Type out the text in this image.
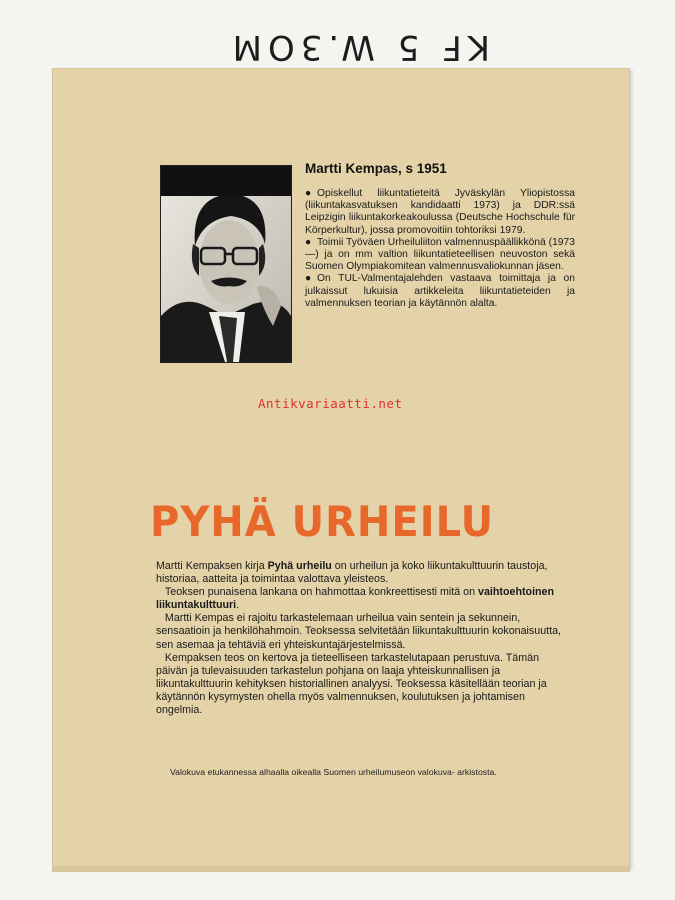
KF 5 W.3OM
Martti Kempas, s 1951

● Opiskellut liikuntatieteitä Jyväskylän Yliopistossa (liikuntakasvatuksen kandidaatti 1973) ja DDR:ssä Leipzigin liikuntakorkeakoulussa (Deutsche Hochschule für Körperkultur), jossa promovoitiin tohtoriksi 1979.

● Toimii Työväen Urheiluliiton valmennuspäällikkönä (1973—) ja on mm valtion liikuntatieteellisen neuvoston sekä Suomen Olympiakomitean valmennusvaliokunnan jäsen.

● On TUL-Valmentajalehden vastaava toimittaja ja on julkaissut lukuisia artikkeleita liikuntatieteiden ja valmennuksen teorian ja käytännön alalta.

Antikvariaatti.net
PYHÄ URHEILU

Martti Kempaksen kirja Pyhä urheilu on urheilun ja koko liikuntakulttuurin taustoja, historiaa, aatteita ja toimintaa valottava yleisteos.

Teoksen punaisena lankana on hahmottaa konkreettisesti mitä on vaihtoehtoinen liikuntakulttuuri.

Martti Kempas ei rajoitu tarkastelemaan urheilua vain sentein ja sekunnein, sensaatioin ja henkilöhahmoin. Teoksessa selvitetään liikuntakulttuurin kokonaisuutta, sen asemaa ja tehtäviä eri yhteiskuntajärjestelmissä.

Kempaksen teos on kertova ja tieteelliseen tarkastelutapaan perustuva. Tämän päivän ja tulevaisuuden tarkastelun pohjana on laaja yhteiskunnallisen ja liikuntakulttuurin kehityksen historiallinen analyysi. Teoksessa käsitellään teorian ja käytännön kysymysten ohella myös valmennuksen, koulutuksen ja johtamisen ongelmia.

Valokuva etukannessa alhaalla oikealla Suomen urheilumuseon valokuva- arkistosta.
